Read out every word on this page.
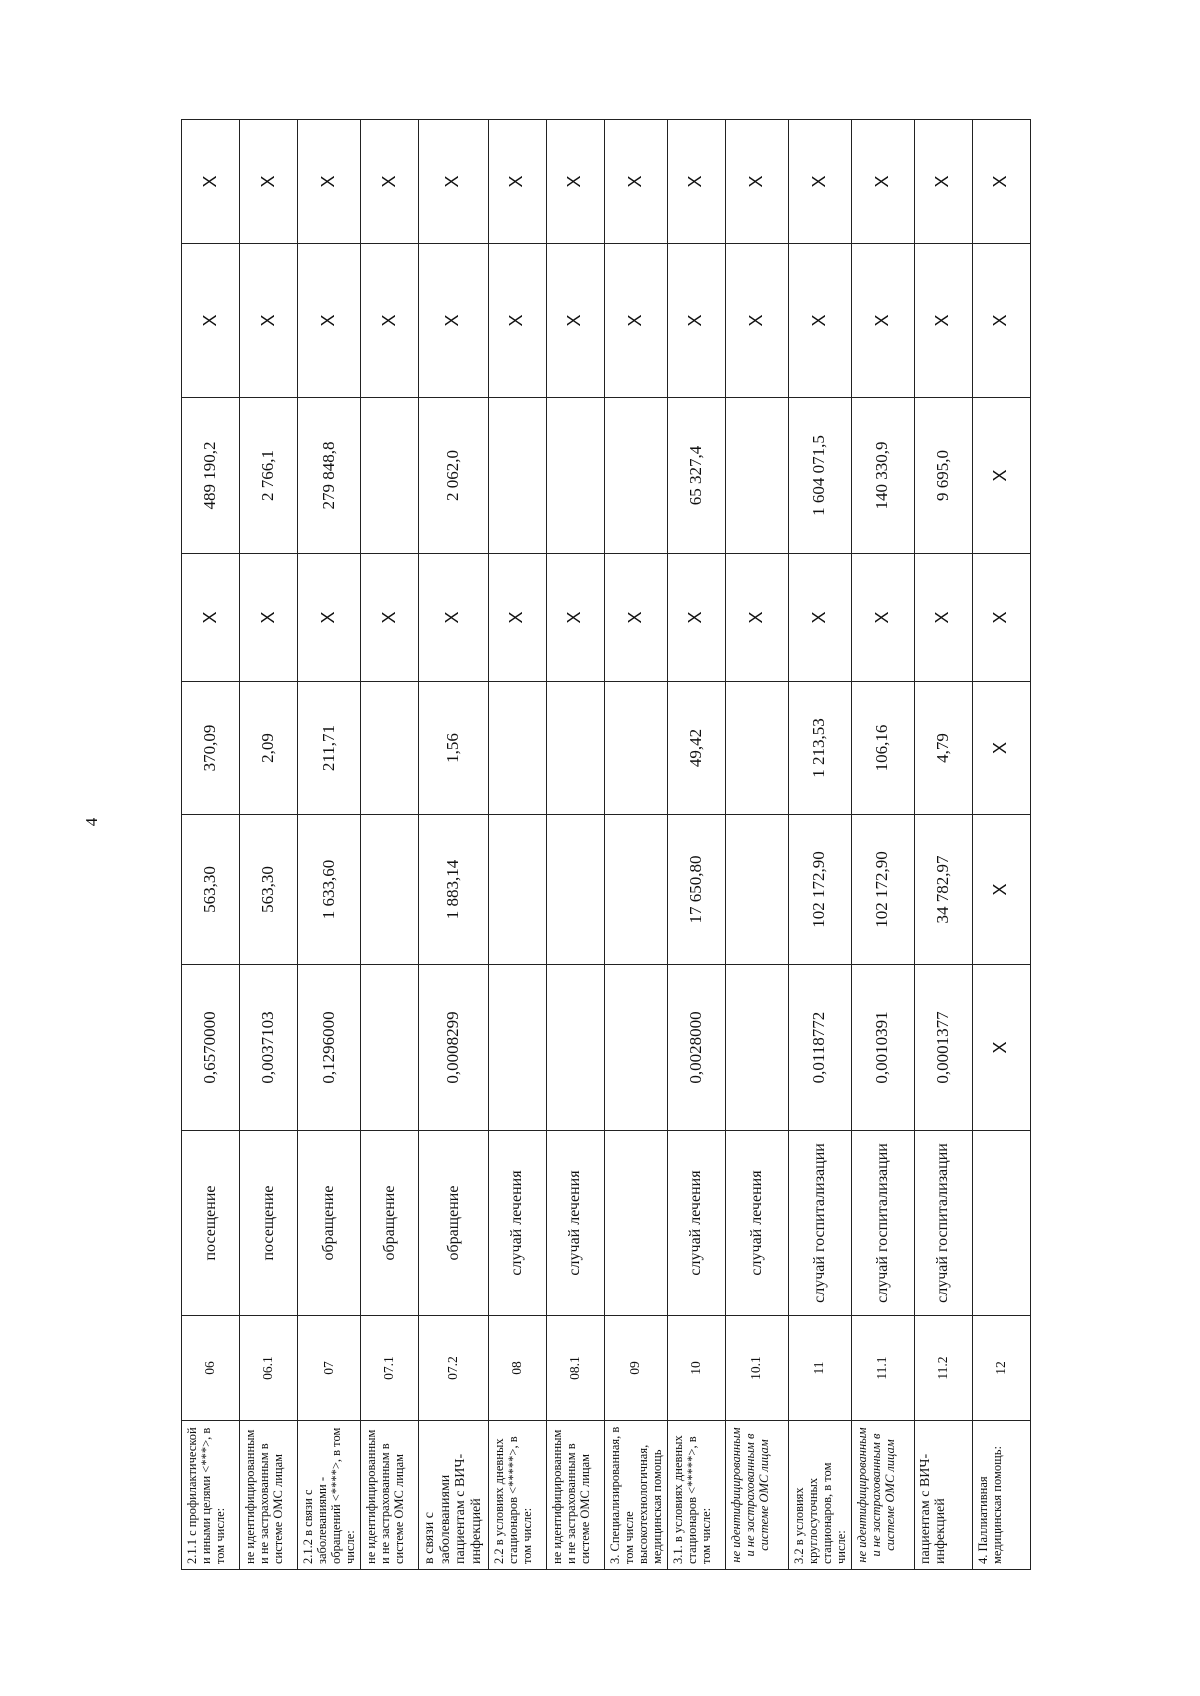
4
2.1.1 с профилактической и иными целями <***>, в том числе:	06	посещение	0,6570000	563,30	370,09	X	489 190,2	X	X
не идентифицированным и не застрахованным в системе ОМС лицам	06.1	посещение	0,0037103	563,30	2,09	X	2 766,1	X	X
2.1.2 в связи с заболеваниями - обращений <****>, в том числе:	07	обращение	0,1296000	1 633,60	211,71	X	279 848,8	X	X
не идентифицированным и не застрахованным в системе ОМС лицам	07.1	обращение				X		X	X
в связи с заболеваниями пациентам с ВИЧ-инфекцией	07.2	обращение	0,0008299	1 883,14	1,56	X	2 062,0	X	X
2.2 в условиях дневных стационаров <*****>, в том числе:	08	случай лечения				X		X	X
не идентифицированным и не застрахованным в системе ОМС лицам	08.1	случай лечения				X		X	X
3. Специализированная, в том числе высокотехнологичная, медицинская помощь	09					X		X	X
3.1. в условиях дневных стационаров <*****>, в том числе:	10	случай лечения	0,0028000	17 650,80	49,42	X	65 327,4	X	X
не идентифицированным и не застрахованным в системе ОМС лицам	10.1	случай лечения				X		X	X
3.2 в условиях круглосуточных стационаров, в том числе:	11	случай госпитализации	0,0118772	102 172,90	1 213,53	X	1 604 071,5	X	X
не идентифицированным и не застрахованным в системе ОМС лицам	11.1	случай госпитализации	0,0010391	102 172,90	106,16	X	140 330,9	X	X
пациентам с ВИЧ-инфекцией	11.2	случай госпитализации	0,0001377	34 782,97	4,79	X	9 695,0	X	X
4. Паллиативная медицинская помощь:	12		X	X	X	X	X	X	X
